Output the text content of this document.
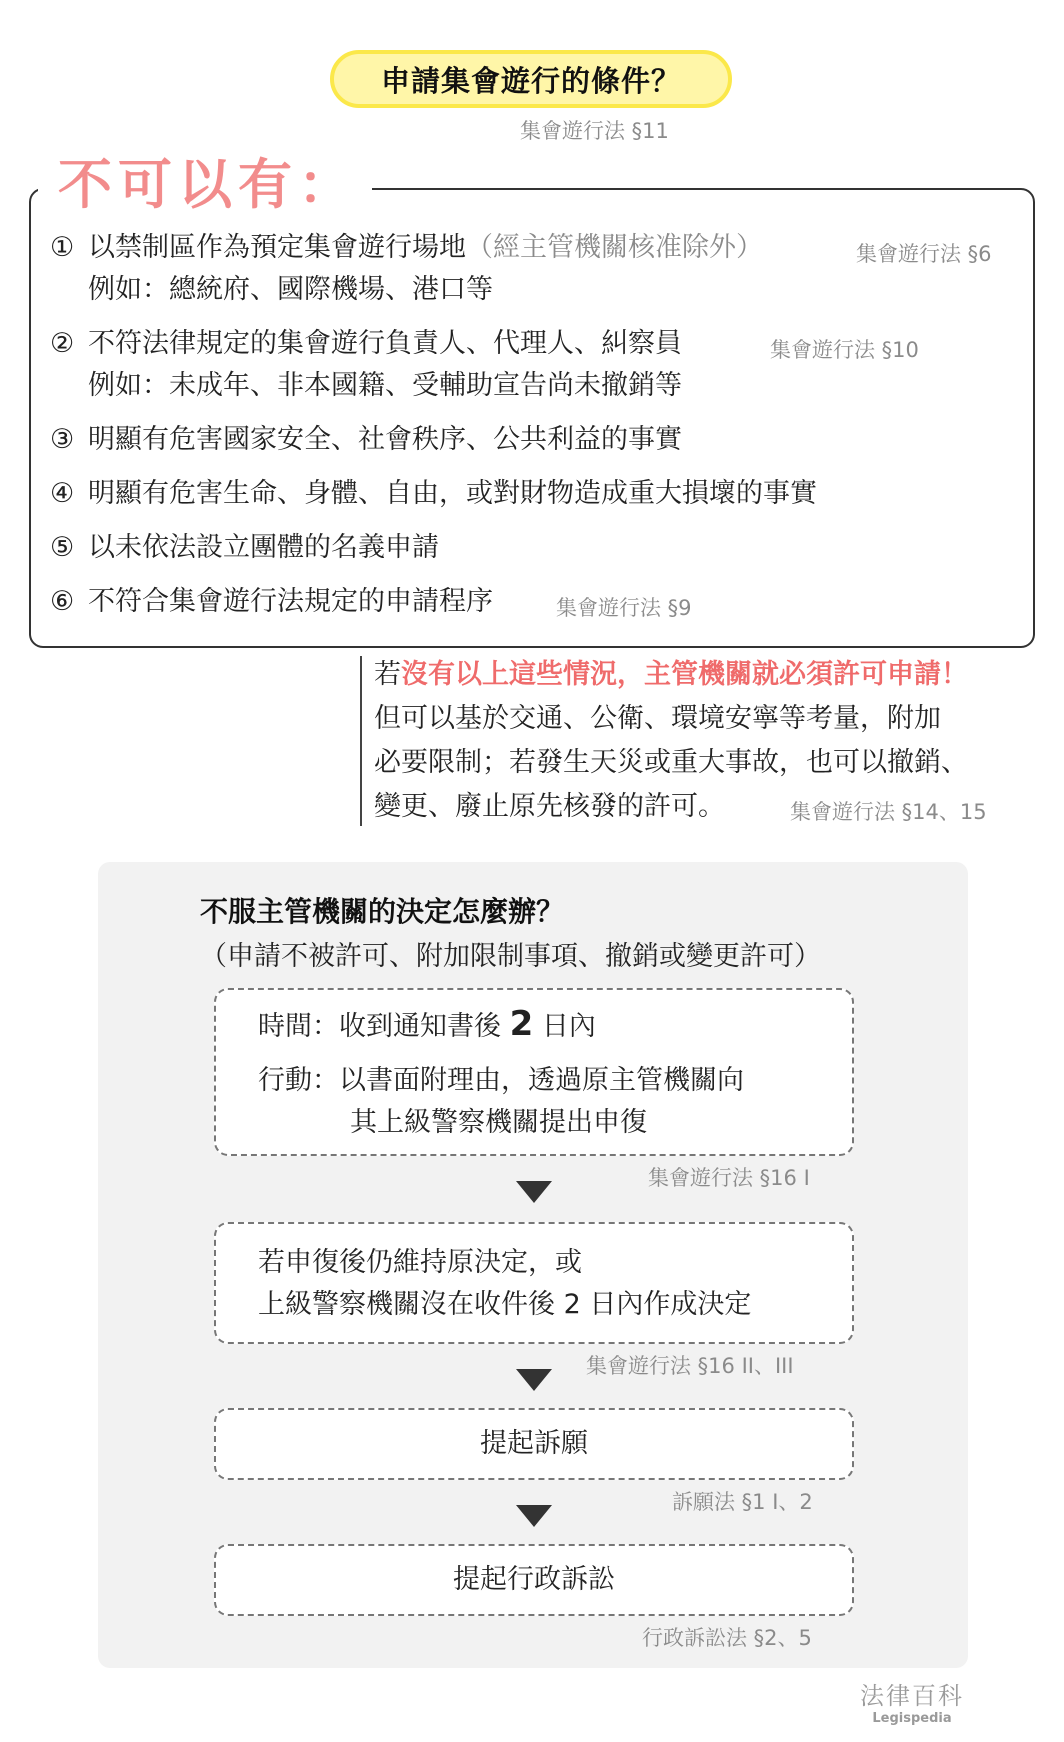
申請集會遊行的條件？
集會遊行法 §11
不可以有：
① 以禁制區作為預定集會遊行場地（經主管機關核准除外）	集會遊行法 §6
例如：總統府、國際機場、港口等
② 不符法律規定的集會遊行負責人、代理人、糾察員	集會遊行法 §10
例如：未成年、非本國籍、受輔助宣告尚未撤銷等
③ 明顯有危害國家安全、社會秩序、公共利益的事實
④ 明顯有危害生命、身體、自由，或對財物造成重大損壞的事實
⑤ 以未依法設立團體的名義申請
⑥ 不符合集會遊行法規定的申請程序	集會遊行法 §9
若沒有以上這些情況，主管機關就必須許可申請！
但可以基於交通、公衛、環境安寧等考量，附加
必要限制；若發生天災或重大事故，也可以撤銷、
變更、廢止原先核發的許可。	集會遊行法 §14、15
不服主管機關的決定怎麼辦？
（申請不被許可、附加限制事項、撤銷或變更許可）
時間：收到通知書後 2 日內
行動：以書面附理由，透過原主管機關向
其上級警察機關提出申復
集會遊行法 §16 I
若申復後仍維持原決定，或
上級警察機關沒在收件後 2 日內作成決定
集會遊行法 §16 II、III
提起訴願
訴願法 §1 I、2
提起行政訴訟
行政訴訟法 §2、5
法律百科
Legispedia
